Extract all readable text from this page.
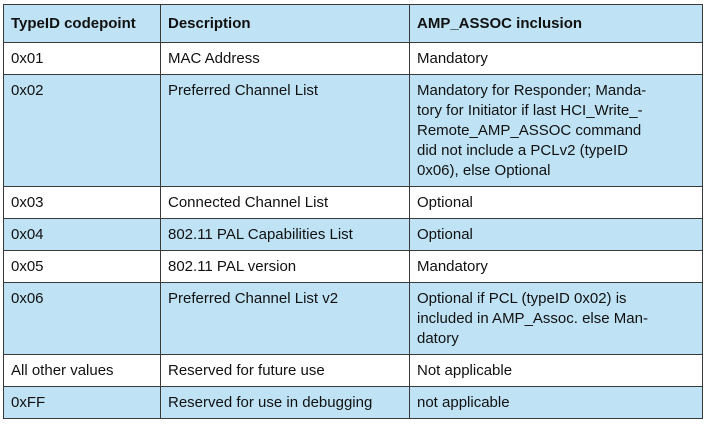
TypeID codepoint	Description	AMP_ASSOC inclusion
0x01	MAC Address	Mandatory
0x02	Preferred Channel List	Mandatory for Responder; Manda-
tory for Initiator if last HCI_Write_-
Remote_AMP_ASSOC command
did not include a PCLv2 (typeID
0x06), else Optional
0x03	Connected Channel List	Optional
0x04	802.11 PAL Capabilities List	Optional
0x05	802.11 PAL version	Mandatory
0x06	Preferred Channel List v2	Optional if PCL (typeID 0x02) is
included in AMP_Assoc. else Man-
datory
All other values	Reserved for future use	Not applicable
0xFF	Reserved for use in debugging	not applicable
